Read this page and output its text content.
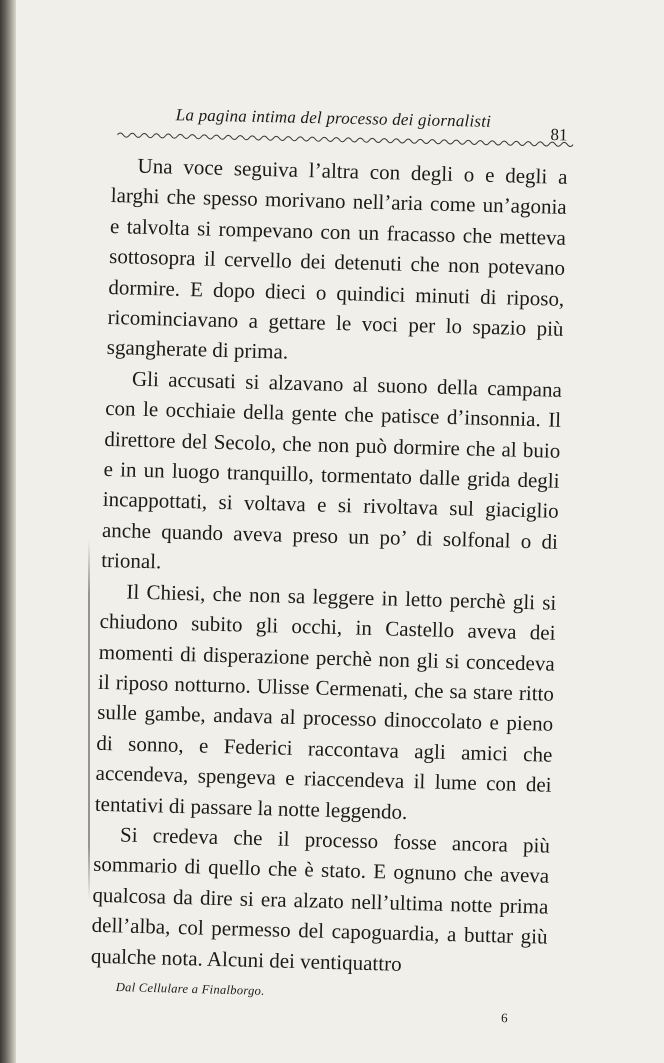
La pagina intima del processo dei giornalisti
81

Una voce seguiva l’altra con degli o e degli a larghi che spesso morivano nell’aria come un’agonia e talvolta si rompevano con un fracasso che metteva sottosopra il cervello dei detenuti che non potevano dormire. E dopo dieci o quindici minuti di riposo, ricominciavano a gettare le voci per lo spazio più sgangherate di prima.

Gli accusati si alzavano al suono della campana con le occhiaie della gente che patisce d’insonnia. Il direttore del Secolo, che non può dormire che al buio e in un luogo tranquillo, tormentato dalle grida degli incappottati, si voltava e si rivoltava sul giaciglio anche quando aveva preso un po’ di solfonal o di trional.

Il Chiesi, che non sa leggere in letto perchè gli si chiudono subito gli occhi, in Castello aveva dei momenti di disperazione perchè non gli si concedeva il riposo notturno. Ulisse Cermenati, che sa stare ritto sulle gambe, andava al processo dinoccolato e pieno di sonno, e Federici raccontava agli amici che accendeva, spengeva e riaccendeva il lume con dei tentativi di passare la notte leggendo.

Si credeva che il processo fosse ancora più sommario di quello che è stato. E ognuno che aveva qualcosa da dire si era alzato nell’ultima notte prima dell’alba, col permesso del capoguardia, a buttar giù qualche nota. Alcuni dei ventiquattro

Dal Cellulare a Finalborgo.
6
